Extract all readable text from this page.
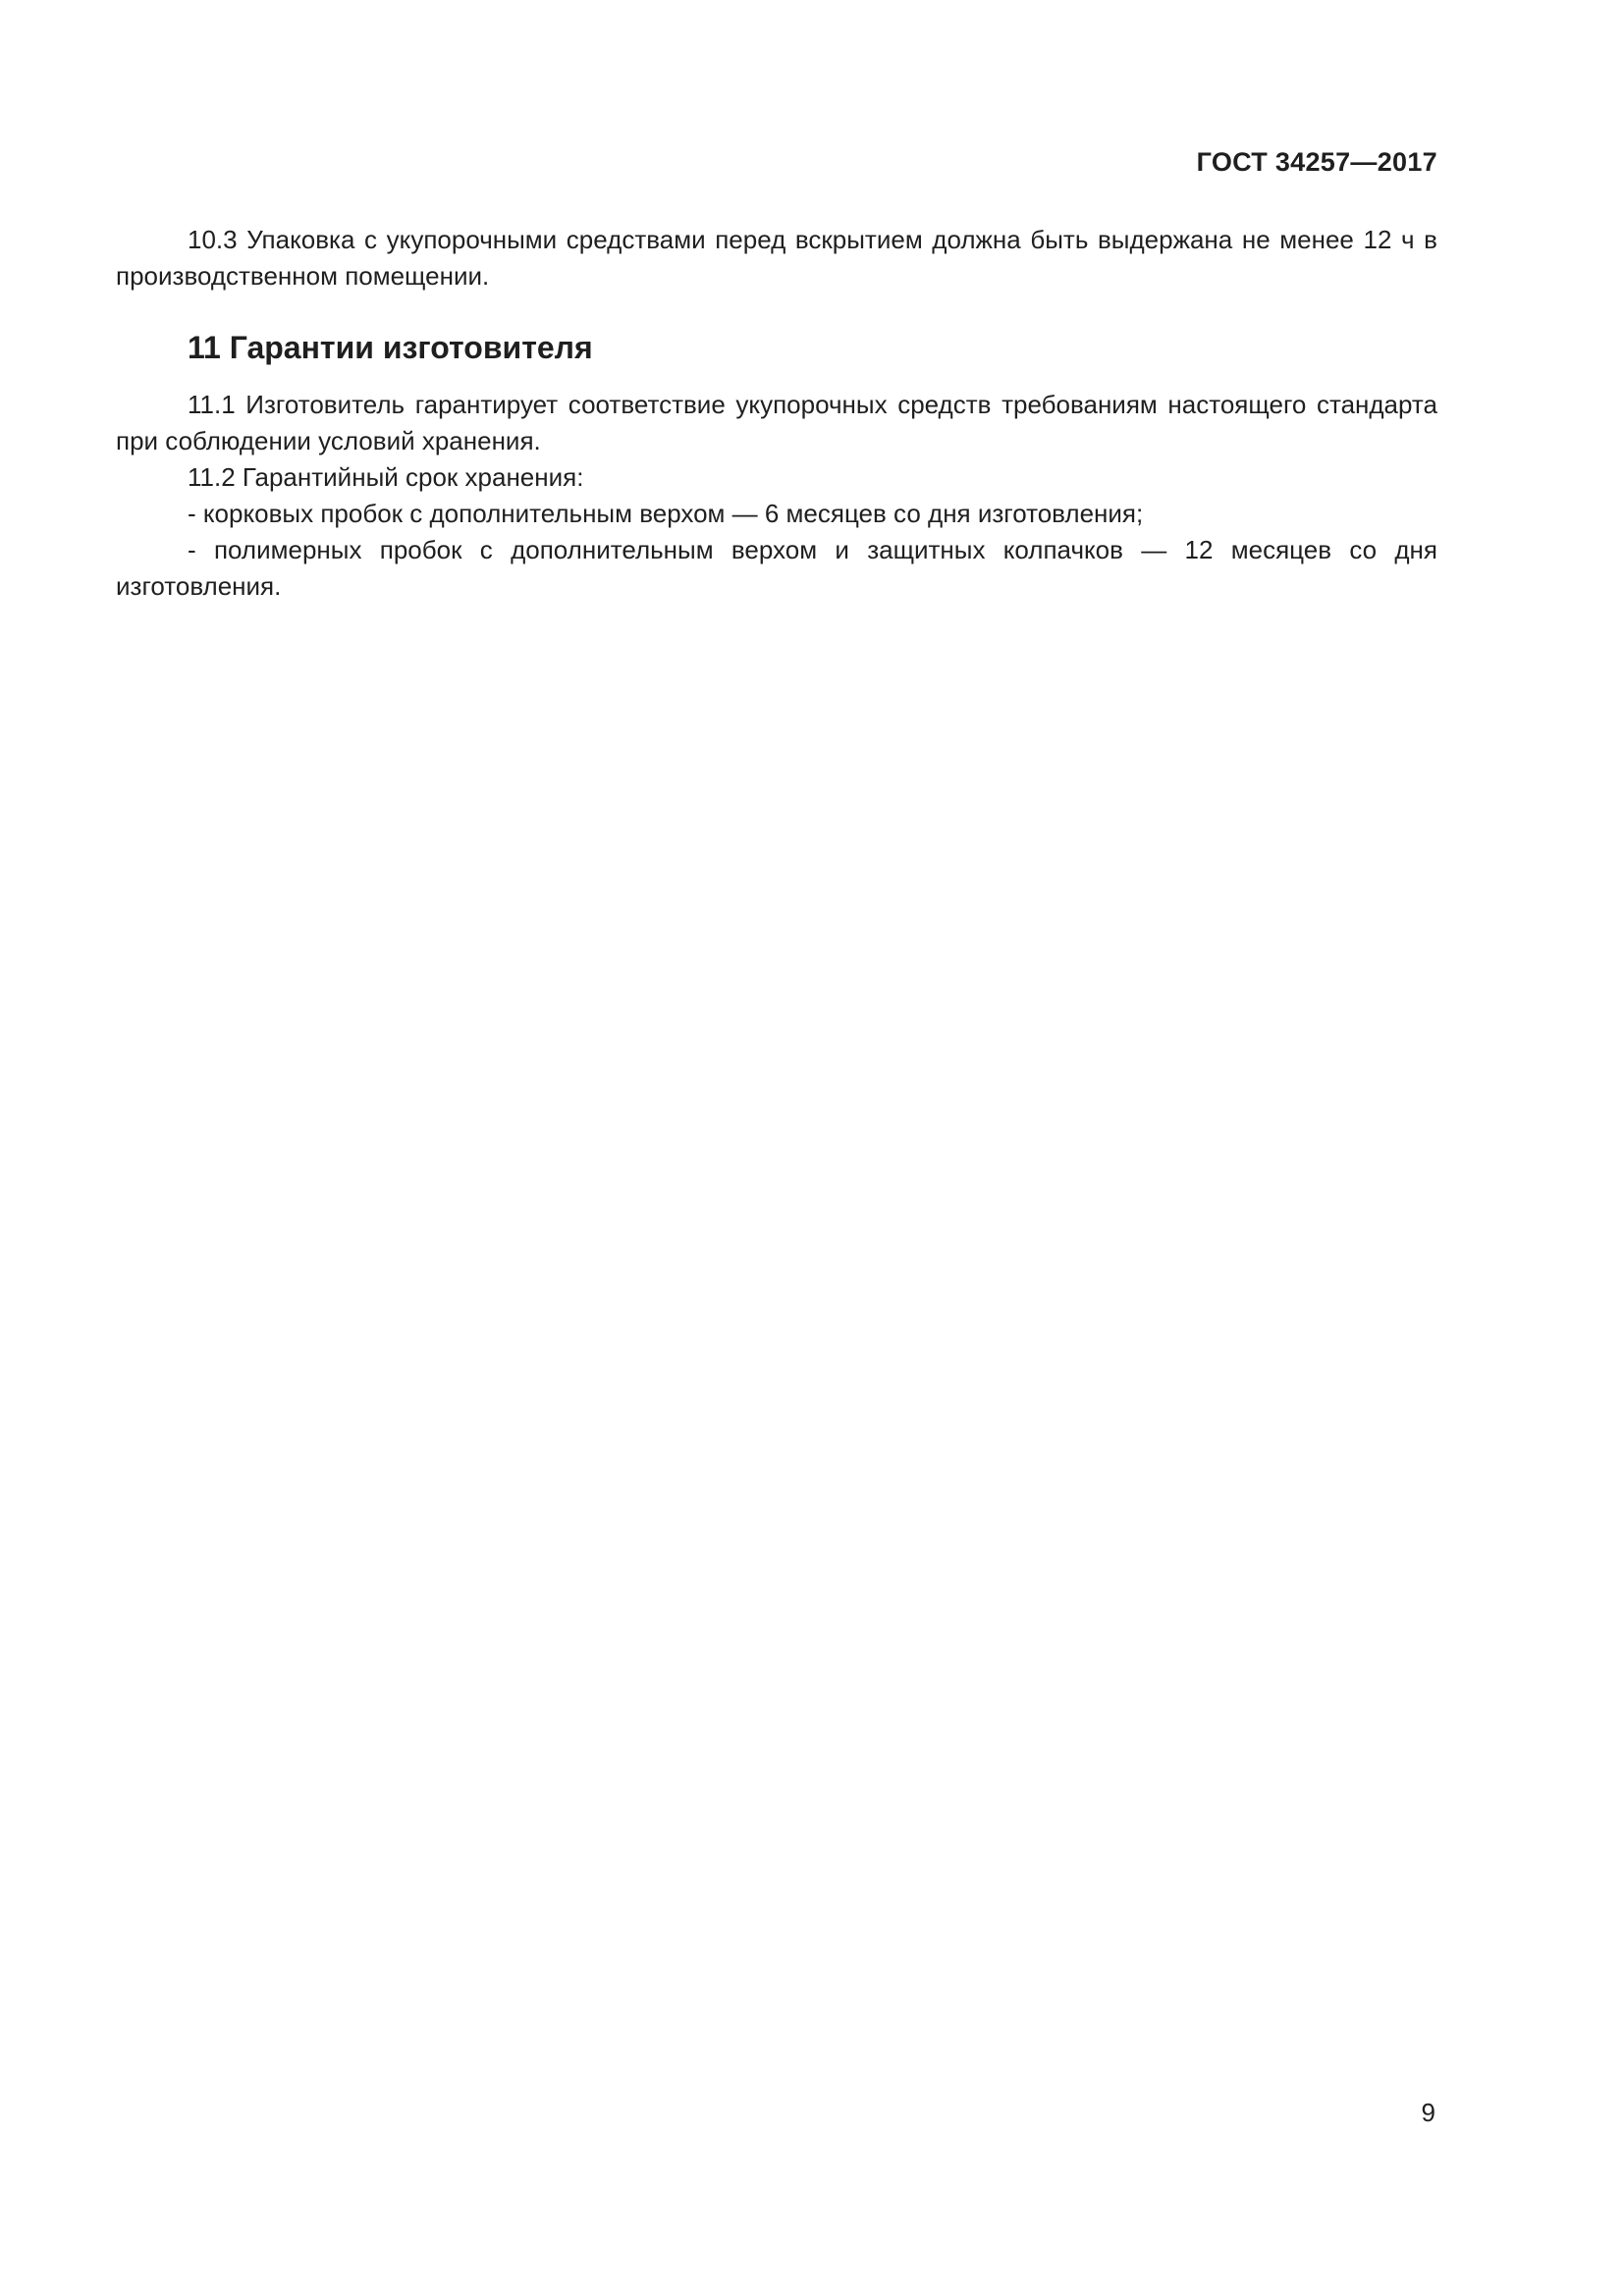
ГОСТ 34257—2017

10.3 Упаковка с укупорочными средствами перед вскрытием должна быть выдержана не менее 12 ч в производственном помещении.

11 Гарантии изготовителя

11.1 Изготовитель гарантирует соответствие укупорочных средств требованиям настоящего стандарта при соблюдении условий хранения.

11.2 Гарантийный срок хранения:

- корковых пробок с дополнительным верхом — 6 месяцев со дня изготовления;

- полимерных пробок с дополнительным верхом и защитных колпачков — 12 месяцев со дня изготовления.

9
